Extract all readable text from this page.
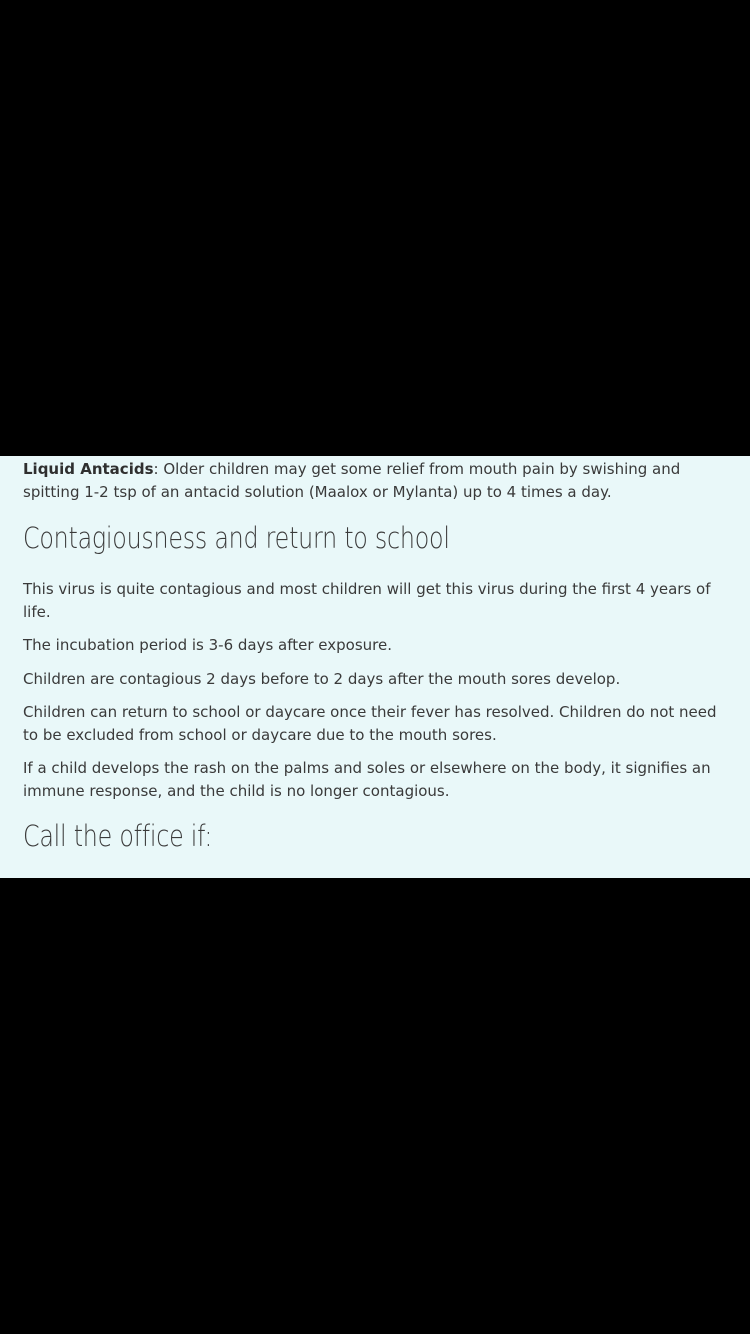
Liquid Antacids: Older children may get some relief from mouth pain by swishing and spitting 1-2 tsp of an antacid solution (Maalox or Mylanta) up to 4 times a day.

Contagiousness and return to school

This virus is quite contagious and most children will get this virus during the first 4 years of life.

The incubation period is 3-6 days after exposure.

Children are contagious 2 days before to 2 days after the mouth sores develop.

Children can return to school or daycare once their fever has resolved. Children do not need to be excluded from school or daycare due to the mouth sores.

If a child develops the rash on the palms and soles or elsewhere on the body, it signifies an immune response, and the child is no longer contagious.

Call the office if:
